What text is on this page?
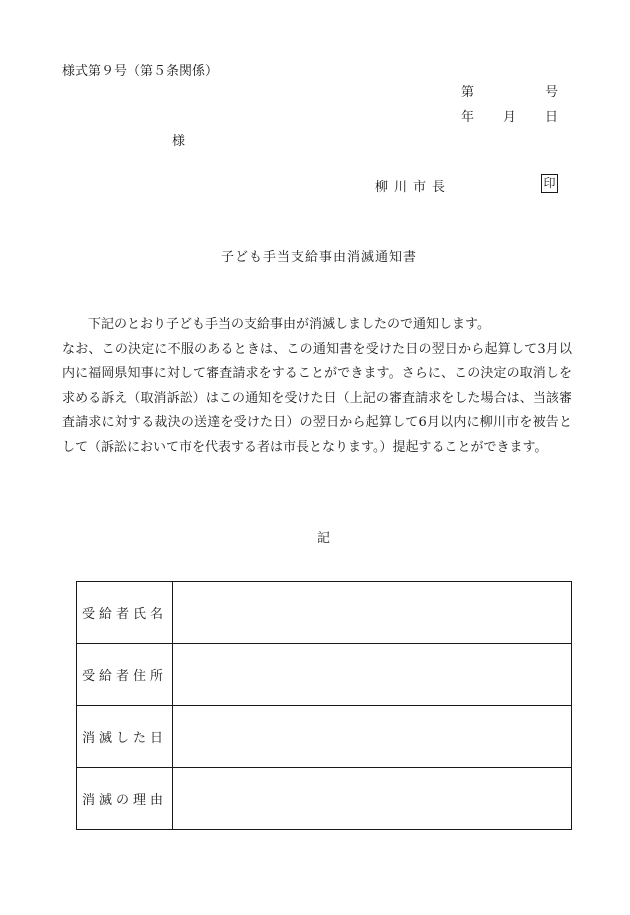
様式第９号（第５条関係）
第	号
年 月 日
様
柳川市長	印
子ども手当支給事由消滅通知書

下記のとおり子ども手当の支給事由が消滅しましたので通知します。

なお、この決定に不服のあるときは、この通知書を受けた日の翌日から起算して3月以内に福岡県知事に対して審査請求をすることができます。さらに、この決定の取消しを求める訴え（取消訴訟）はこの通知を受けた日（上記の審査請求をした場合は、当該審査請求に対する裁決の送達を受けた日）の翌日から起算して6月以内に柳川市を被告として（訴訟において市を代表する者は市長となります。）提起することができます。

記
受給者氏名	
受給者住所	
消滅した日	
消滅の理由	
